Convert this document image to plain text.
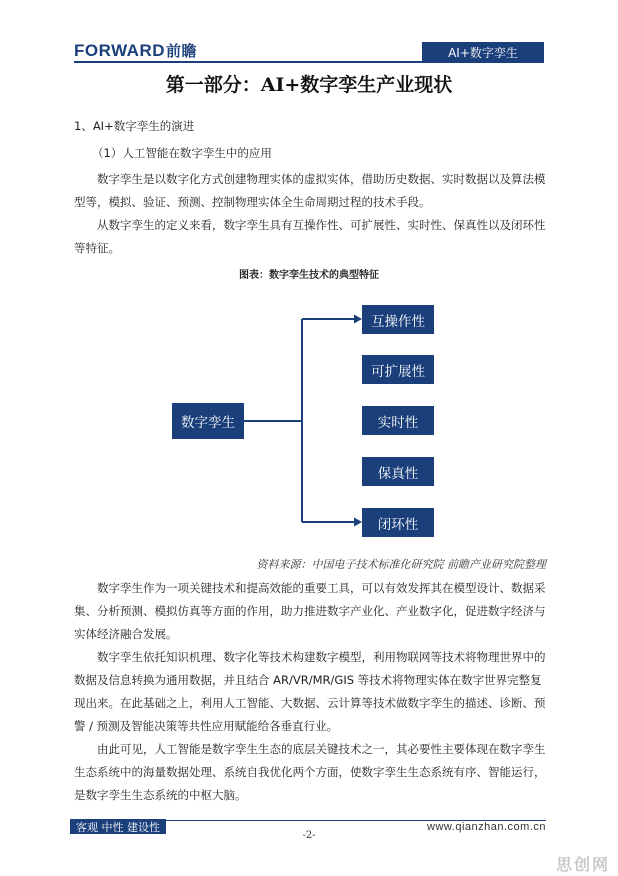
FORWARD前瞻	AI+数字孪生
第一部分：AI+数字孪生产业现状
1、AI+数字孪生的演进
（1）人工智能在数字孪生中的应用

数字孪生是以数字化方式创建物理实体的虚拟实体，借助历史数据、实时数据以及算法模型等，模拟、验证、预测、控制物理实体全生命周期过程的技术手段。

从数字孪生的定义来看，数字孪生具有互操作性、可扩展性、实时性、保真性以及闭环性等特征。

图表：数字孪生技术的典型特征
数字孪生
互操作性
可扩展性
实时性
保真性
闭环性
资料来源：中国电子技术标准化研究院 前瞻产业研究院整理

数字孪生作为一项关键技术和提高效能的重要工具，可以有效发挥其在模型设计、数据采集、分析预测、模拟仿真等方面的作用，助力推进数字产业化、产业数字化，促进数字经济与实体经济融合发展。

数字孪生依托知识机理、数字化等技术构建数字模型，利用物联网等技术将物理世界中的数据及信息转换为通用数据，并且结合 AR/VR/MR/GIS 等技术将物理实体在数字世界完整复现出来。在此基础之上，利用人工智能、大数据、云计算等技术做数字孪生的描述、诊断、预警 / 预测及智能决策等共性应用赋能给各垂直行业。

由此可见，人工智能是数字孪生生态的底层关键技术之一，其必要性主要体现在数字孪生生态系统中的海量数据处理、系统自我优化两个方面，使数字孪生生态系统有序、智能运行，是数字孪生生态系统的中枢大脑。

客观 中性 建设性	www.qianzhan.com.cn
-2-
思创网
